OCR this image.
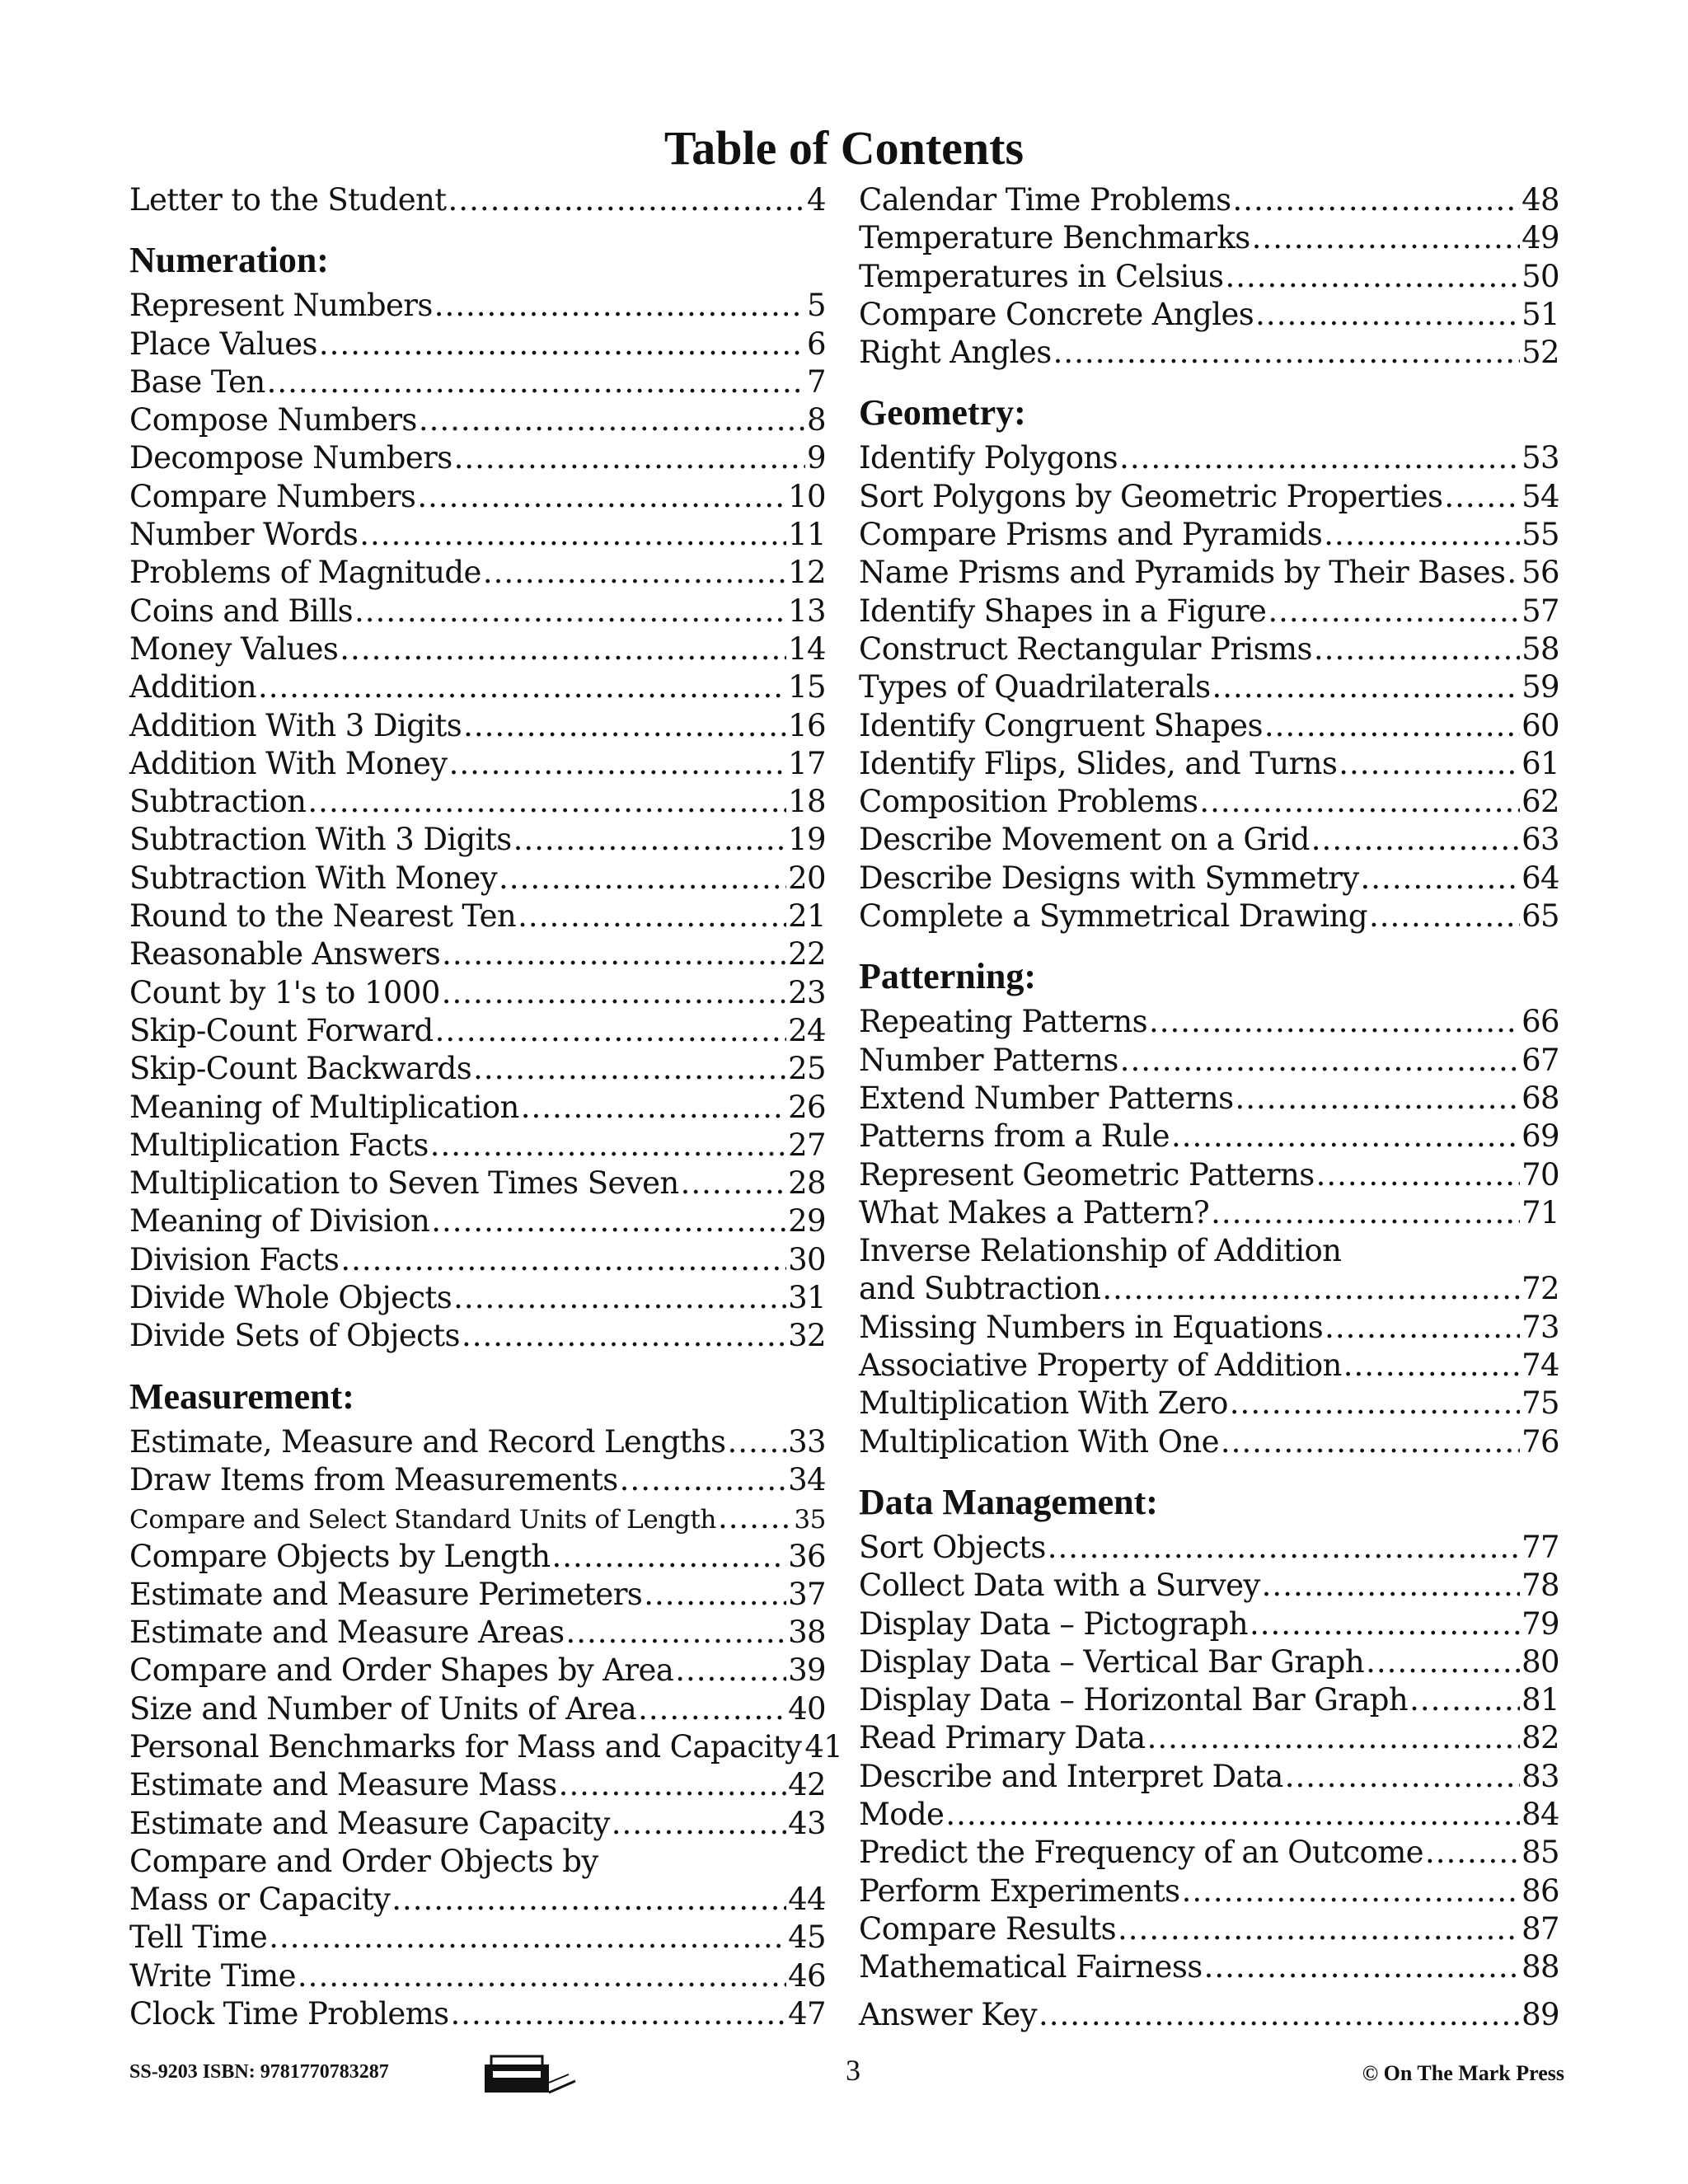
Table of Contents
Letter to the Student .....	4
Numeration:
Represent Numbers .....	5
Place Values .....	6
Base Ten .....	7
Compose Numbers .....	8
Decompose Numbers .....	9
Compare Numbers .....	10
Number Words .....	11
Problems of Magnitude .....	12
Coins and Bills .....	13
Money Values .....	14
Addition .....	15
Addition With 3 Digits .....	16
Addition With Money .....	17
Subtraction .....	18
Subtraction With 3 Digits .....	19
Subtraction With Money .....	20
Round to the Nearest Ten .....	21
Reasonable Answers .....	22
Count by 1's to 1000 .....	23
Skip-Count Forward .....	24
Skip-Count Backwards .....	25
Meaning of Multiplication .....	26
Multiplication Facts .....	27
Multiplication to Seven Times Seven .....	28
Meaning of Division .....	29
Division Facts .....	30
Divide Whole Objects .....	31
Divide Sets of Objects .....	32
Measurement:
Estimate, Measure and Record Lengths ..... 33
Draw Items from Measurements .....	34
Compare and Select Standard Units of Length .....	35
Compare Objects by Length .....	36
Estimate and Measure Perimeters .....	37
Estimate and Measure Areas .....	38
Compare and Order Shapes by Area .....	39
Size and Number of Units of Area .....	40
Personal Benchmarks for Mass and Capacity 41
Estimate and Measure Mass .....	42
Estimate and Measure Capacity .....	43
Compare and Order Objects by
Mass or Capacity .....	44
Tell Time .....	45
Write Time .....	46
Clock Time Problems .....	47
Calendar Time Problems .....	48
Temperature Benchmarks .....	49
Temperatures in Celsius .....	50
Compare Concrete Angles .....	51
Right Angles .....	52
Geometry:
Identify Polygons .....	53
Sort Polygons by Geometric Properties .....	54
Compare Prisms and Pyramids .....	55
Name Prisms and Pyramids by Their Bases ..... 56
Identify Shapes in a Figure .....	57
Construct Rectangular Prisms .....	58
Types of Quadrilaterals .....	59
Identify Congruent Shapes .....	60
Identify Flips, Slides, and Turns .....	61
Composition Problems .....	62
Describe Movement on a Grid .....	63
Describe Designs with Symmetry .....	64
Complete a Symmetrical Drawing .....	65
Patterning:
Repeating Patterns .....	66
Number Patterns .....	67
Extend Number Patterns .....	68
Patterns from a Rule .....	69
Represent Geometric Patterns .....	70
What Makes a Pattern? .....	71
Inverse Relationship of Addition
and Subtraction .....	72
Missing Numbers in Equations .....	73
Associative Property of Addition .....	74
Multiplication With Zero .....	75
Multiplication With One .....	76
Data Management:
Sort Objects .....	77
Collect Data with a Survey .....	78
Display Data – Pictograph .....	79
Display Data – Vertical Bar Graph .....	80
Display Data – Horizontal Bar Graph .....	81
Read Primary Data .....	82
Describe and Interpret Data .....	83
Mode .....	84
Predict the Frequency of an Outcome .....	85
Perform Experiments .....	86
Compare Results .....	87
Mathematical Fairness .....	88
Answer Key .....	89
SS-9203 ISBN: 9781770783287	3	© On The Mark Press
